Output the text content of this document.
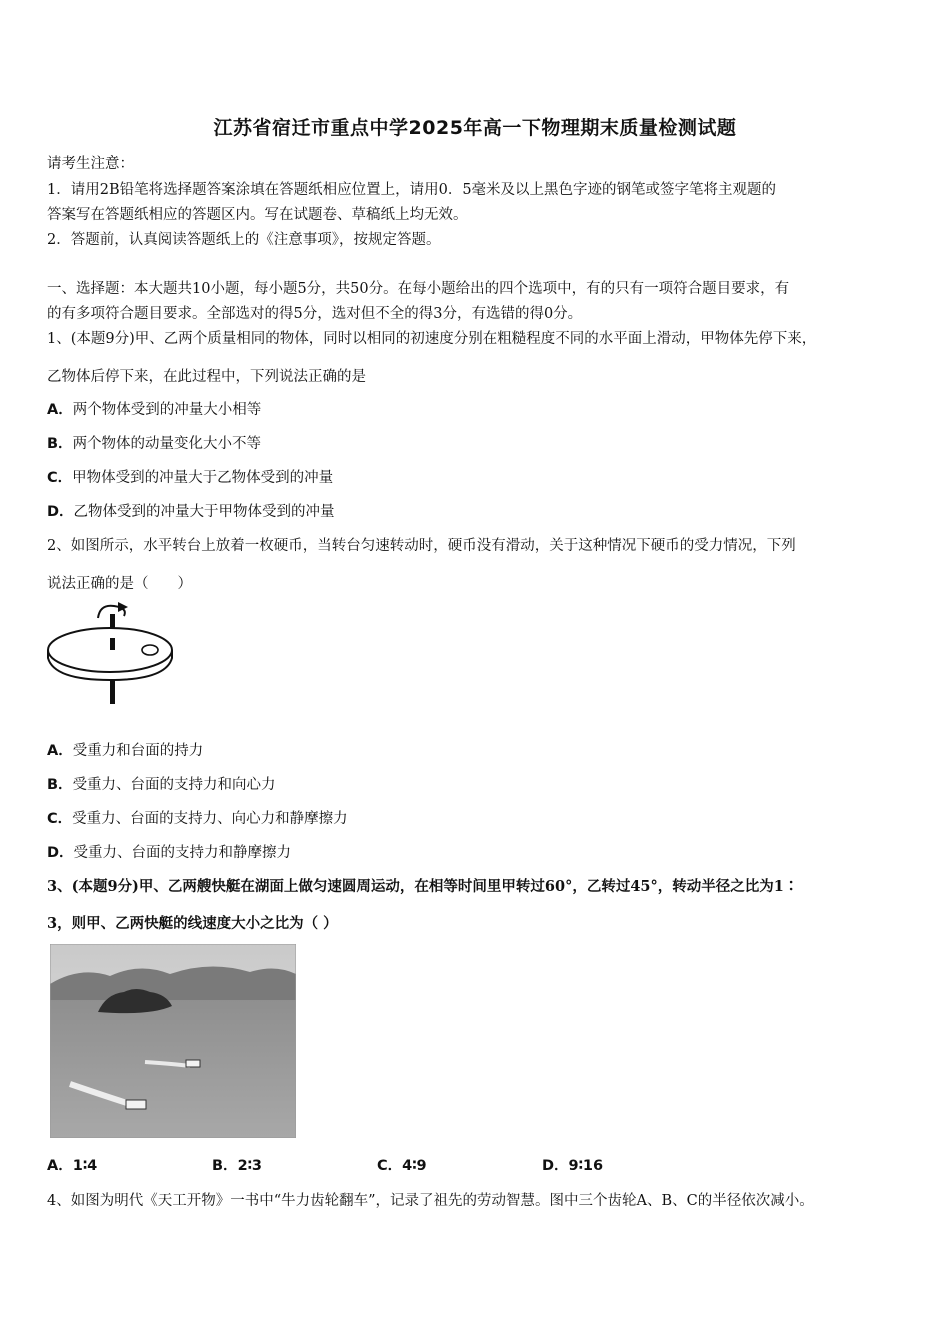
江苏省宿迁市重点中学2025年高一下物理期末质量检测试题
请考生注意：
1．请用2B铅笔将选择题答案涂填在答题纸相应位置上，请用0．5毫米及以上黑色字迹的钢笔或签字笔将主观题的
答案写在答题纸相应的答题区内。写在试题卷、草稿纸上均无效。
2．答题前，认真阅读答题纸上的《注意事项》，按规定答题。
一、选择题：本大题共10小题，每小题5分，共50分。在每小题给出的四个选项中，有的只有一项符合题目要求，有
的有多项符合题目要求。全部选对的得5分，选对但不全的得3分，有选错的得0分。
1、(本题9分)甲、乙两个质量相同的物体，同时以相同的初速度分别在粗糙程度不同的水平面上滑动，甲物体先停下来，
乙物体后停下来，在此过程中，下列说法正确的是
A．两个物体受到的冲量大小相等
B．两个物体的动量变化大小不等
C．甲物体受到的冲量大于乙物体受到的冲量
D．乙物体受到的冲量大于甲物体受到的冲量
2、如图所示，水平转台上放着一枚硬币，当转台匀速转动时，硬币没有滑动，关于这种情况下硬币的受力情况，下列
说法正确的是（　　）
A．受重力和台面的持力
B．受重力、台面的支持力和向心力
C．受重力、台面的支持力、向心力和静摩擦力
D．受重力、台面的支持力和静摩擦力
3、(本题9分)甲、乙两艘快艇在湖面上做匀速圆周运动，在相等时间里甲转过60°，乙转过45°，转动半径之比为1∶
3，则甲、乙两快艇的线速度大小之比为（ ）
A．1∶4	B．2∶3	C．4∶9	D．9∶16
4、如图为明代《天工开物》一书中“牛力齿轮翻车”，记录了祖先的劳动智慧。图中三个齿轮A、B、C的半径依次减小。
